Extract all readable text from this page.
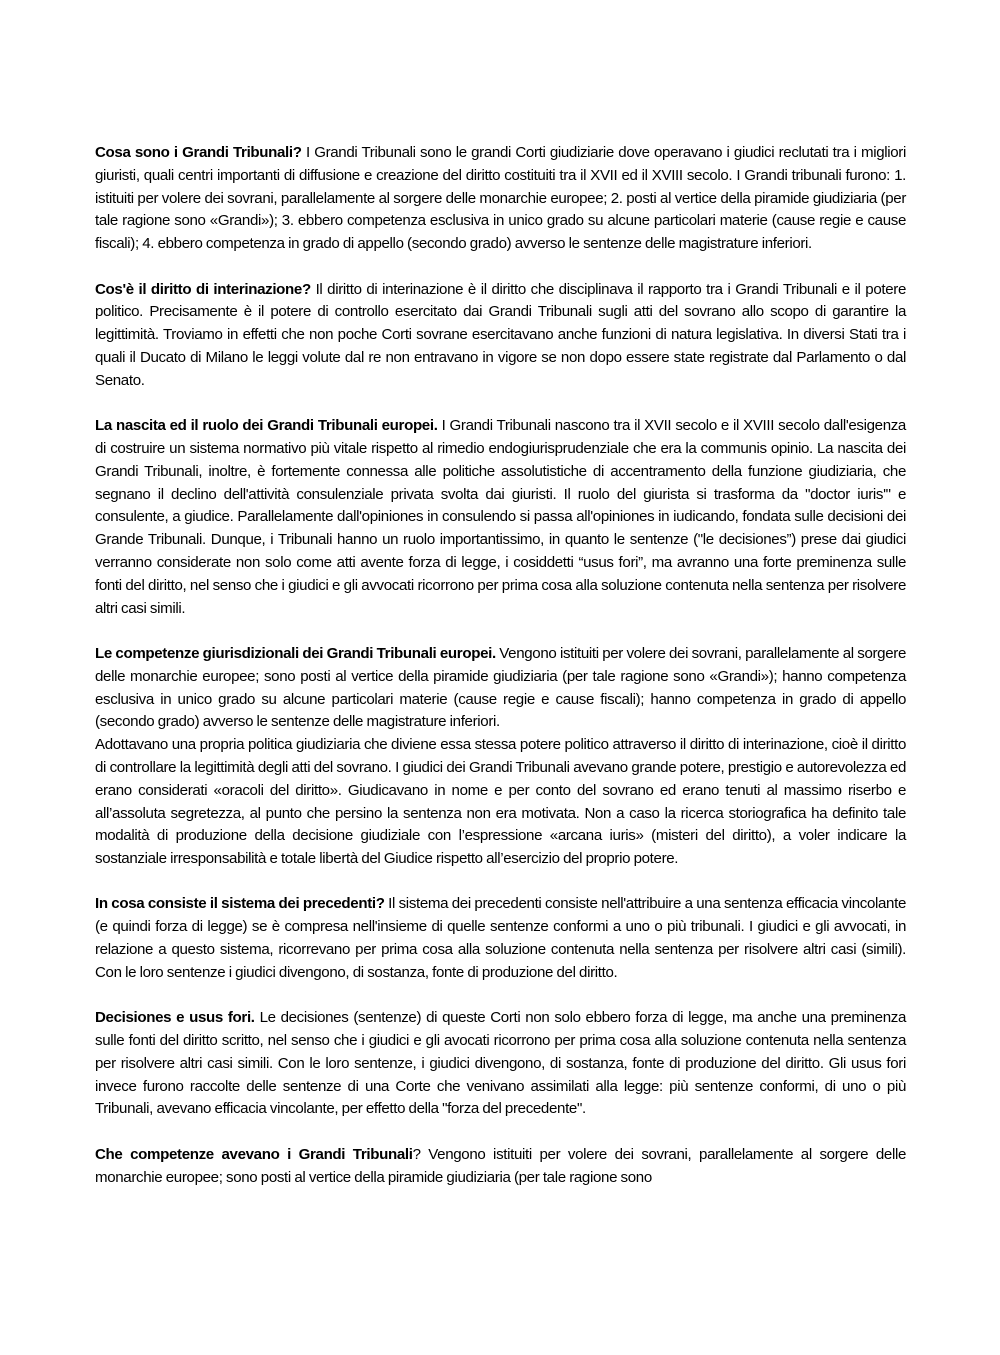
Cosa sono i Grandi Tribunali? I Grandi Tribunali sono le grandi Corti giudiziarie dove operavano i giudici reclutati tra i migliori giuristi, quali centri importanti di diffusione e creazione del diritto costituiti tra il XVII ed il XVIII secolo. I Grandi tribunali furono: 1. istituiti per volere dei sovrani, parallelamente al sorgere delle monarchie europee; 2. posti al vertice della piramide giudiziaria (per tale ragione sono «Grandi»); 3. ebbero competenza esclusiva in unico grado su alcune particolari materie (cause regie e cause fiscali); 4. ebbero competenza in grado di appello (secondo grado) avverso le sentenze delle magistrature inferiori.

Cos'è il diritto di interinazione? Il diritto di interinazione è il diritto che disciplinava il rapporto tra i Grandi Tribunali e il potere politico. Precisamente è il potere di controllo esercitato dai Grandi Tribunali sugli atti del sovrano allo scopo di garantire la legittimità. Troviamo in effetti che non poche Corti sovrane esercitavano anche funzioni di natura legislativa. In diversi Stati tra i quali il Ducato di Milano le leggi volute dal re non entravano in vigore se non dopo essere state registrate dal Parlamento o dal Senato.

La nascita ed il ruolo dei Grandi Tribunali europei. I Grandi Tribunali nascono tra il XVII secolo e il XVIII secolo dall'esigenza di costruire un sistema normativo più vitale rispetto al rimedio endogiurisprudenziale che era la communis opinio. La nascita dei Grandi Tribunali, inoltre, è fortemente connessa alle politiche assolutistiche di accentramento della funzione giudiziaria, che segnano il declino dell'attività consulenziale privata svolta dai giuristi. Il ruolo del giurista si trasforma da "doctor iuris'" e consulente, a giudice. Parallelamente dall'opiniones in consulendo si passa all'opiniones in iudicando, fondata sulle decisioni dei Grande Tribunali. Dunque, i Tribunali hanno un ruolo importantissimo, in quanto le sentenze ("le decisiones”) prese dai giudici verranno considerate non solo come atti avente forza di legge, i cosiddetti “usus fori”, ma avranno una forte preminenza sulle fonti del diritto, nel senso che i giudici e gli avvocati ricorrono per prima cosa alla soluzione contenuta nella sentenza per risolvere altri casi simili.

Le competenze giurisdizionali dei Grandi Tribunali europei. Vengono istituiti per volere dei sovrani, parallelamente al sorgere delle monarchie europee; sono posti al vertice della piramide giudiziaria (per tale ragione sono «Grandi»); hanno competenza esclusiva in unico grado su alcune particolari materie (cause regie e cause fiscali); hanno competenza in grado di appello (secondo grado) avverso le sentenze delle magistrature inferiori.

Adottavano una propria politica giudiziaria che diviene essa stessa potere politico attraverso il diritto di interinazione, cioè il diritto di controllare la legittimità degli atti del sovrano. I giudici dei Grandi Tribunali avevano grande potere, prestigio e autorevolezza ed erano considerati «oracoli del diritto». Giudicavano in nome e per conto del sovrano ed erano tenuti al massimo riserbo e all’assoluta segretezza, al punto che persino la sentenza non era motivata. Non a caso la ricerca storiografica ha definito tale modalità di produzione della decisione giudiziale con l’espressione «arcana iuris» (misteri del diritto), a voler indicare la sostanziale irresponsabilità e totale libertà del Giudice rispetto all’esercizio del proprio potere.

In cosa consiste il sistema dei precedenti? Il sistema dei precedenti consiste nell'attribuire a una sentenza efficacia vincolante (e quindi forza di legge) se è compresa nell'insieme di quelle sentenze conformi a uno o più tribunali. I giudici e gli avvocati, in relazione a questo sistema, ricorrevano per prima cosa alla soluzione contenuta nella sentenza per risolvere altri casi (simili). Con le loro sentenze i giudici divengono, di sostanza, fonte di produzione del diritto.

Decisiones e usus fori. Le decisiones (sentenze) di queste Corti non solo ebbero forza di legge, ma anche una preminenza sulle fonti del diritto scritto, nel senso che i giudici e gli avocati ricorrono per prima cosa alla soluzione contenuta nella sentenza per risolvere altri casi simili. Con le loro sentenze, i giudici divengono, di sostanza, fonte di produzione del diritto. Gli usus fori invece furono raccolte delle sentenze di una Corte che venivano assimilati alla legge: più sentenze conformi, di uno o più Tribunali, avevano efficacia vincolante, per effetto della "forza del precedente".

Che competenze avevano i Grandi Tribunali? Vengono istituiti per volere dei sovrani, parallelamente al sorgere delle monarchie europee; sono posti al vertice della piramide giudiziaria (per tale ragione sono
